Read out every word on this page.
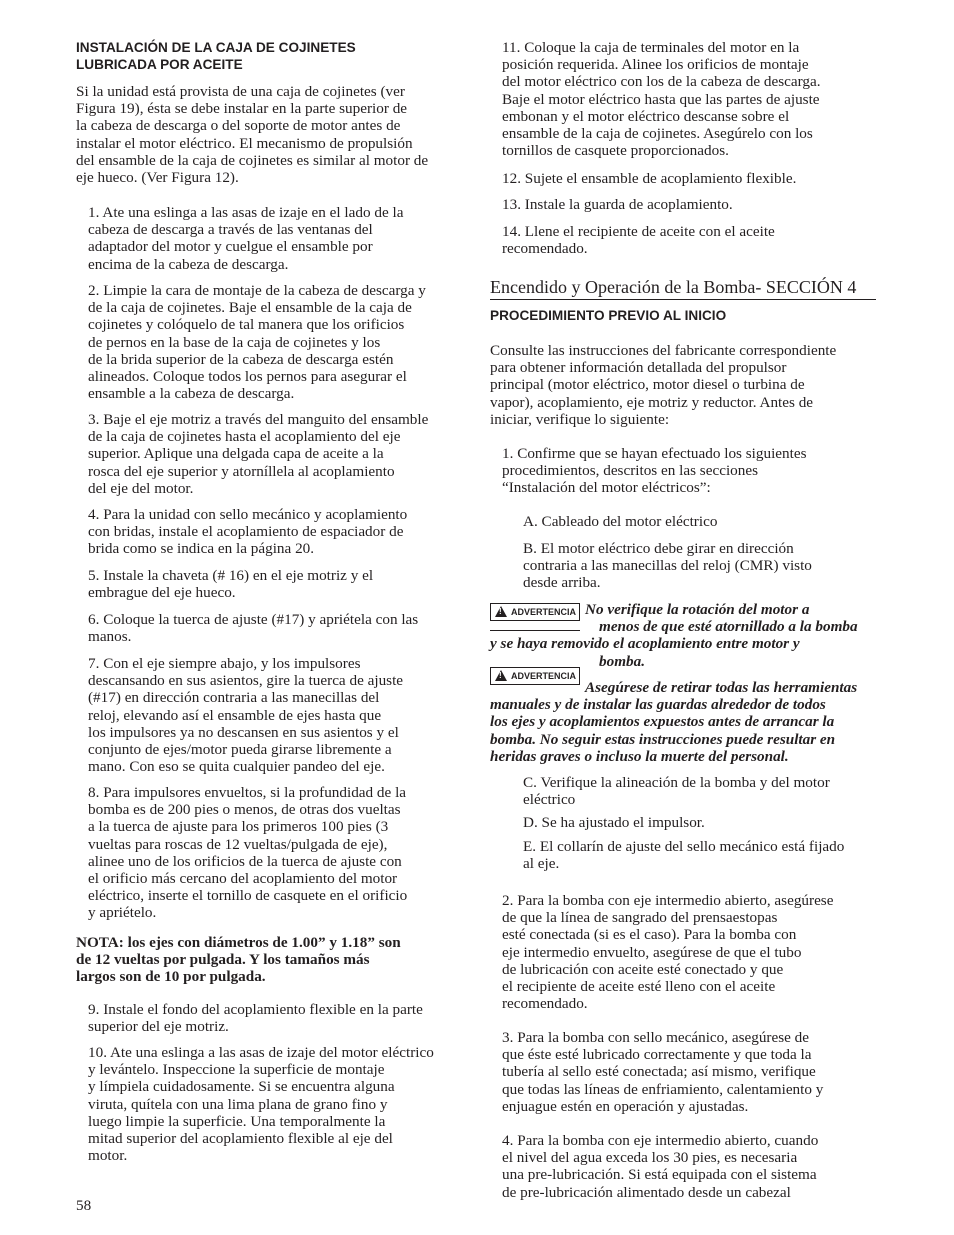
INSTALACIÓN DE LA CAJA DE COJINETES
LUBRICADA POR ACEITE
Si la unidad está provista de una caja de cojinetes (ver
Figura 19), ésta se debe instalar en la parte superior de
la cabeza de descarga o del soporte de motor antes de
instalar el motor eléctrico. El mecanismo de propulsión
del ensamble de la caja de cojinetes es similar al motor de
eje hueco. (Ver Figura 12).
1. Ate una eslinga a las asas de izaje en el lado de la
cabeza de descarga a través de las ventanas del
adaptador del motor y cuelgue el ensamble por
encima de la cabeza de descarga.
2. Limpie la cara de montaje de la cabeza de descarga y
de la caja de cojinetes. Baje el ensamble de la caja de
cojinetes y colóquelo de tal manera que los orificios
de pernos en la base de la caja de cojinetes y los
de la brida superior de la cabeza de descarga estén
alineados. Coloque todos los pernos para asegurar el
ensamble a la cabeza de descarga.
3. Baje el eje motriz a través del manguito del ensamble
de la caja de cojinetes hasta el acoplamiento del eje
superior. Aplique una delgada capa de aceite a la
rosca del eje superior y atorníllela al acoplamiento
del eje del motor.
4. Para la unidad con sello mecánico y acoplamiento
con bridas, instale el acoplamiento de espaciador de
brida como se indica en la página 20.
5. Instale la chaveta (# 16) en el eje motriz y el
embrague del eje hueco.
6. Coloque la tuerca de ajuste (#17) y apriétela con las
manos.
7. Con el eje siempre abajo, y los impulsores
descansando en sus asientos, gire la tuerca de ajuste
(#17) en dirección contraria a las manecillas del
reloj, elevando así el ensamble de ejes hasta que
los impulsores ya no descansen en sus asientos y el
conjunto de ejes/motor pueda girarse libremente a
mano. Con eso se quita cualquier pandeo del eje.
8. Para impulsores envueltos, si la profundidad de la
bomba es de 200 pies o menos, de otras dos vueltas
a la tuerca de ajuste para los primeros 100 pies (3
vueltas para roscas de 12 vueltas/pulgada de eje),
alinee uno de los orificios de la tuerca de ajuste con
el orificio más cercano del acoplamiento del motor
eléctrico, inserte el tornillo de casquete en el orificio
y apriételo.
NOTA: los ejes con diámetros de 1.00” y 1.18” son
de 12 vueltas por pulgada. Y los tamaños más
largos son de 10 por pulgada.
9. Instale el fondo del acoplamiento flexible en la parte
superior del eje motriz.
10. Ate una eslinga a las asas de izaje del motor eléctrico
y levántelo. Inspeccione la superficie de montaje
y límpiela cuidadosamente. Si se encuentra alguna
viruta, quítela con una lima plana de grano fino y
luego limpie la superficie. Una temporalmente la
mitad superior del acoplamiento flexible al eje del
motor.
58
11. Coloque la caja de terminales del motor en la
posición requerida. Alinee los orificios de montaje
del motor eléctrico con los de la cabeza de descarga.
Baje el motor eléctrico hasta que las partes de ajuste
embonan y el motor eléctrico descanse sobre el
ensamble de la caja de cojinetes. Asegúrelo con los
tornillos de casquete proporcionados.
12. Sujete el ensamble de acoplamiento flexible.
13. Instale la guarda de acoplamiento.
14. Llene el recipiente de aceite con el aceite
recomendado.
Encendido y Operación de la Bomba- SECCIÓN 4
PROCEDIMIENTO PREVIO AL INICIO
Consulte las instrucciones del fabricante correspondiente
para obtener información detallada del propulsor
principal (motor eléctrico, motor diesel o turbina de
vapor), acoplamiento, eje motriz y reductor. Antes de
iniciar, verifique lo siguiente:
1. Confirme que se hayan efectuado los siguientes
procedimientos, descritos en las secciones
“Instalación del motor eléctricos”:
A. Cableado del motor eléctrico
B. El motor eléctrico debe girar en dirección
contraria a las manecillas del reloj (CMR) visto
desde arriba.
!
ADVERTENCIA No verifique la rotación del motor a
menos de que esté atornillado a la bomba
y se haya removido el acoplamiento entre motor y
bomba.
!
ADVERTENCIA
Asegúrese de retirar todas las herramientas
manuales y de instalar las guardas alrededor de todos
los ejes y acoplamientos expuestos antes de arrancar la
bomba. No seguir estas instrucciones puede resultar en
heridas graves o incluso la muerte del personal.
C. Verifique la alineación de la bomba y del motor
eléctrico
D. Se ha ajustado el impulsor.
E. El collarín de ajuste del sello mecánico está fijado
al eje.
2. Para la bomba con eje intermedio abierto, asegúrese
de que la línea de sangrado del prensaestopas
esté conectada (si es el caso). Para la bomba con
eje intermedio envuelto, asegúrese de que el tubo
de lubricación con aceite esté conectado y que
el recipiente de aceite esté lleno con el aceite
recomendado.
3. Para la bomba con sello mecánico, asegúrese de
que éste esté lubricado correctamente y que toda la
tubería al sello esté conectada; así mismo, verifique
que todas las líneas de enfriamiento, calentamiento y
enjuague estén en operación y ajustadas.
4. Para la bomba con eje intermedio abierto, cuando
el nivel del agua exceda los 30 pies, es necesaria
una pre-lubricación. Si está equipada con el sistema
de pre-lubricación alimentado desde un cabezal
